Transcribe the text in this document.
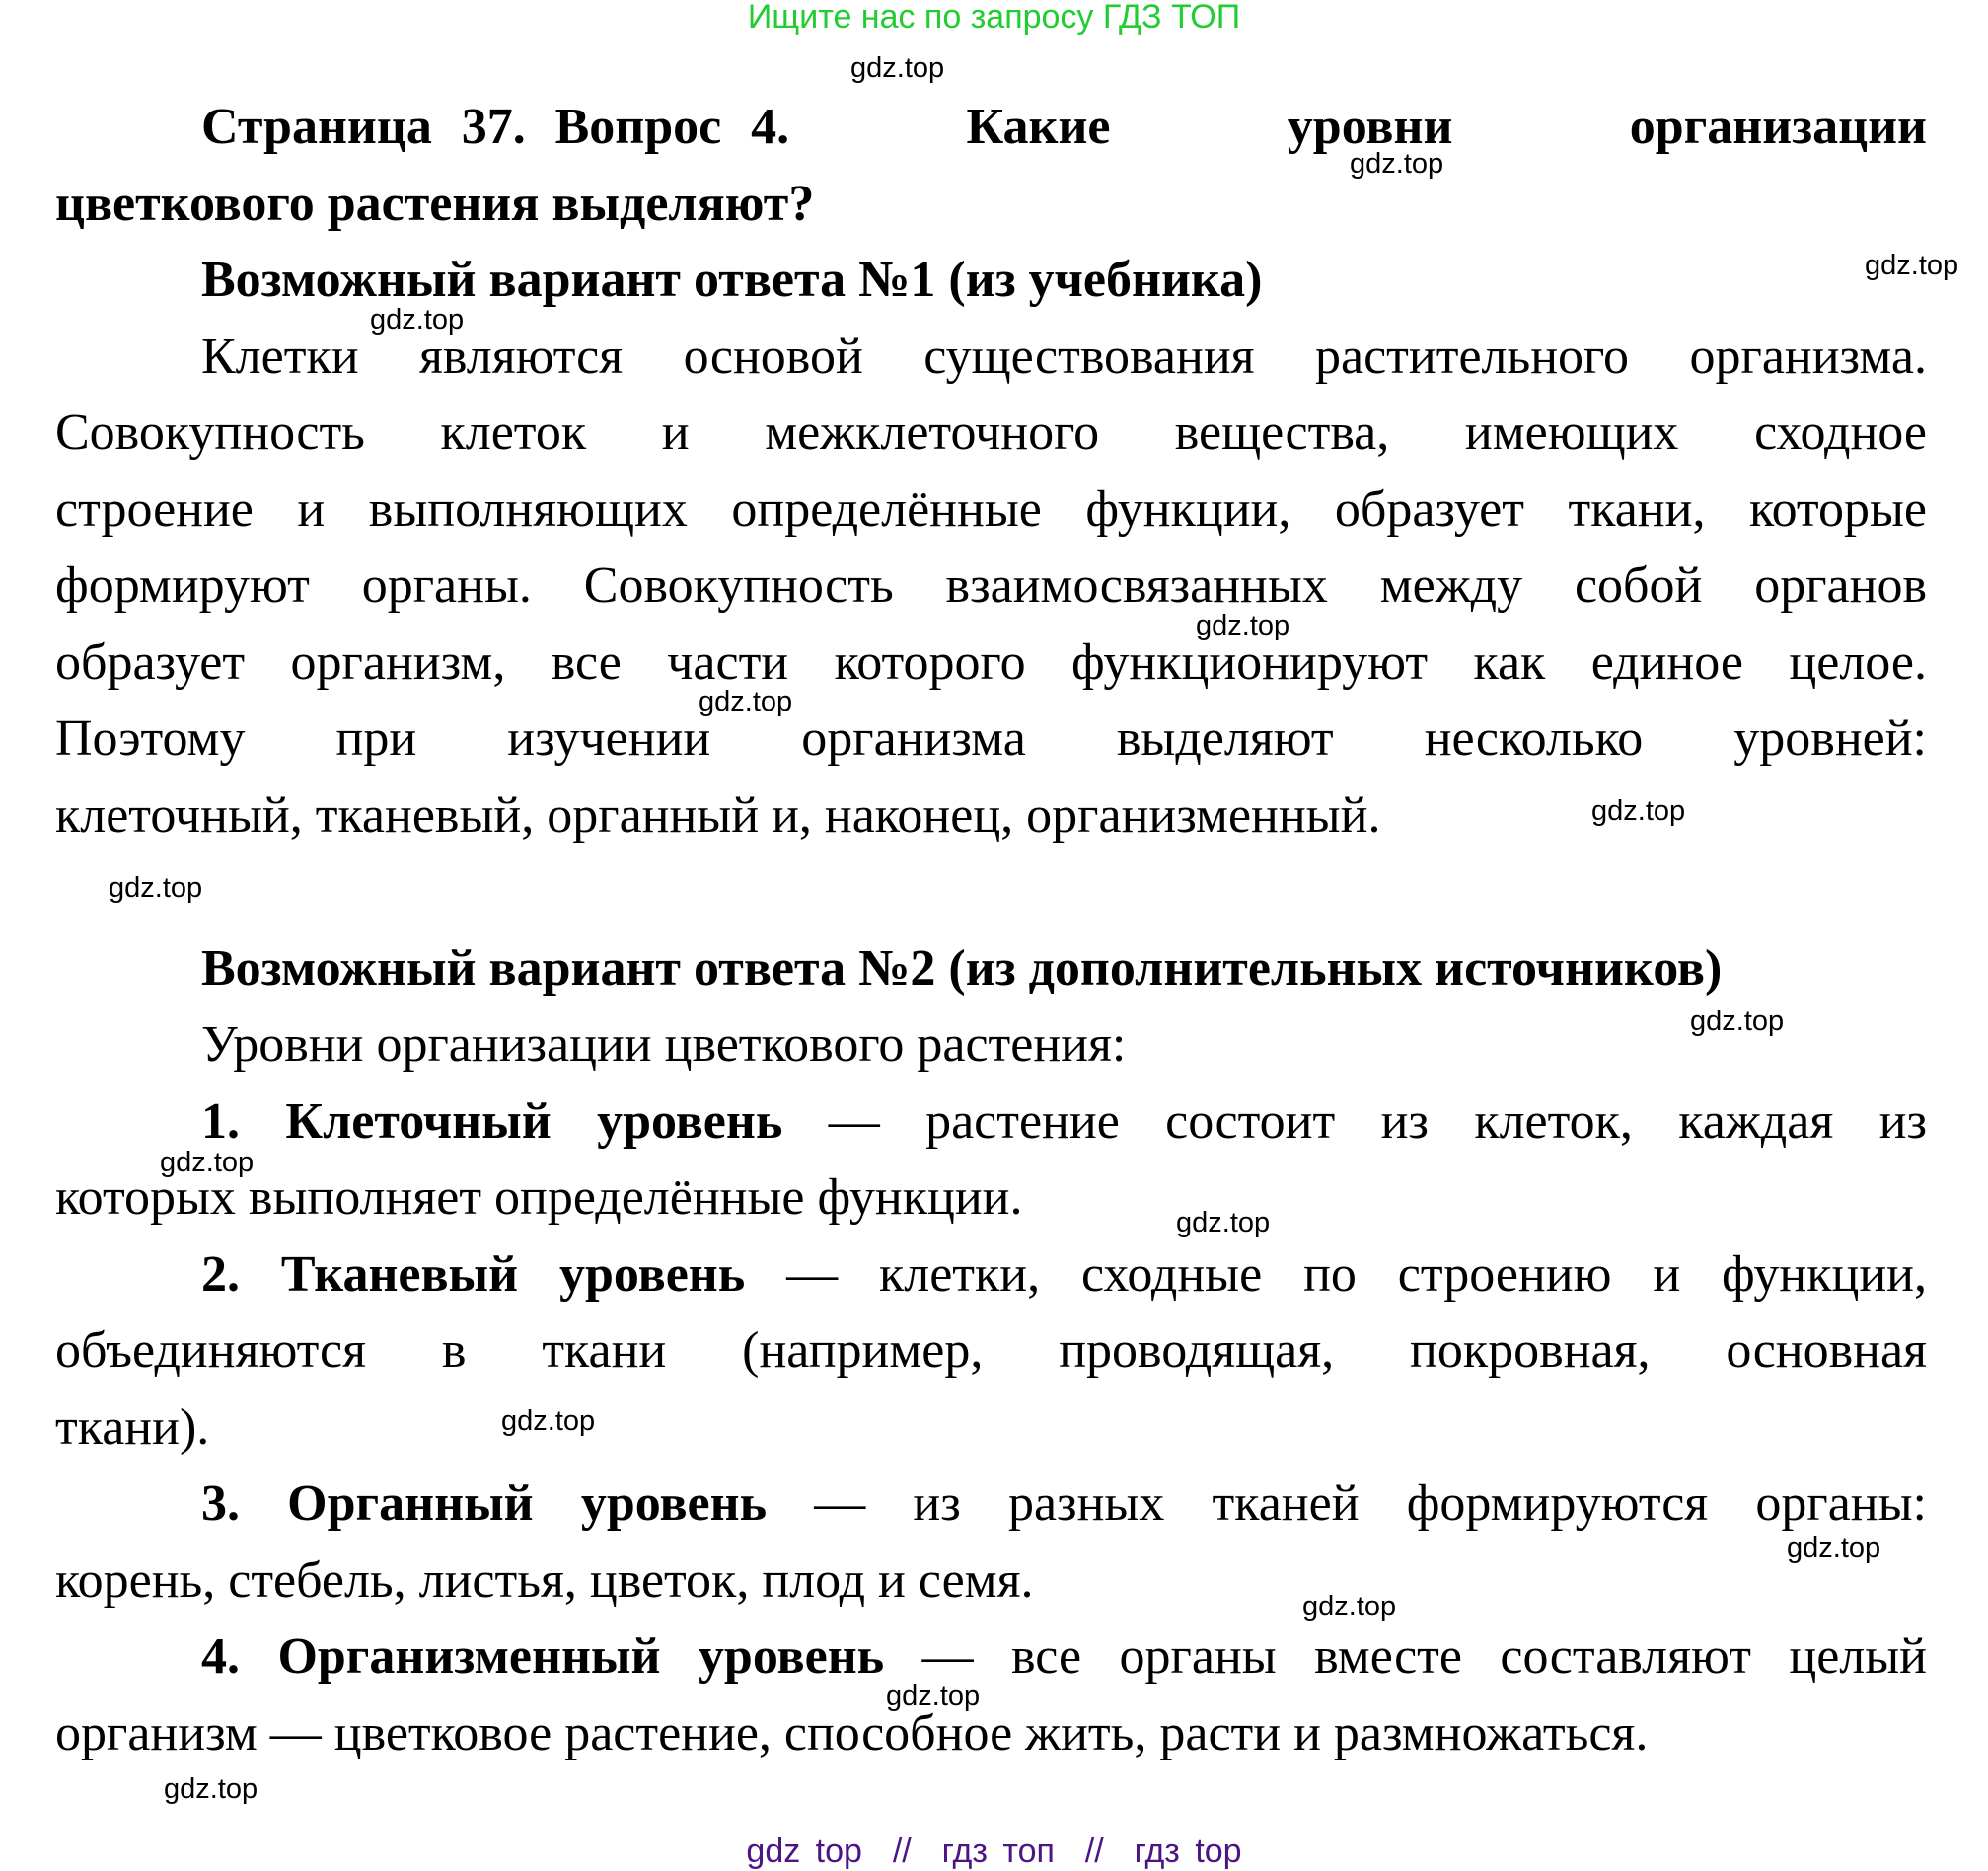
Ищите нас по запросу ГДЗ ТОП
gdz.top
gdz.top
gdz.top
gdz.top
gdz.top
gdz.top
gdz.top
gdz.top
gdz.top
gdz.top
gdz.top
gdz.top
gdz.top
gdz.top
gdz.top
gdz.top
Страница 37. Вопрос 4.      Какие      уровни      организации
цветкового растения выделяют?
Возможный вариант ответа №1 (из учебника)
Клетки являются основой существования растительного организма.
Совокупность клеток и межклеточного вещества, имеющих сходное
строение и выполняющих определённые функции, образует ткани, которые
формируют органы. Совокупность взаимосвязанных между собой органов
образует организм, все части которого функционируют как единое целое.
Поэтому при изучении организма выделяют несколько уровней:
клеточный, тканевый, органный и, наконец, организменный.
Возможный вариант ответа №2 (из дополнительных источников)
Уровни организации цветкового растения:
1. Клеточный уровень — растение состоит из клеток, каждая из
которых выполняет определённые функции.
2. Тканевый уровень — клетки, сходные по строению и функции,
объединяются в ткани (например, проводящая, покровная, основная
ткани).
3. Органный уровень — из разных тканей формируются органы:
корень, стебель, листья, цветок, плод и семя.
4. Организменный уровень — все органы вместе составляют целый
организм — цветковое растение, способное жить, расти и размножаться.
gdz top  //  гдз топ  //  гдз top
